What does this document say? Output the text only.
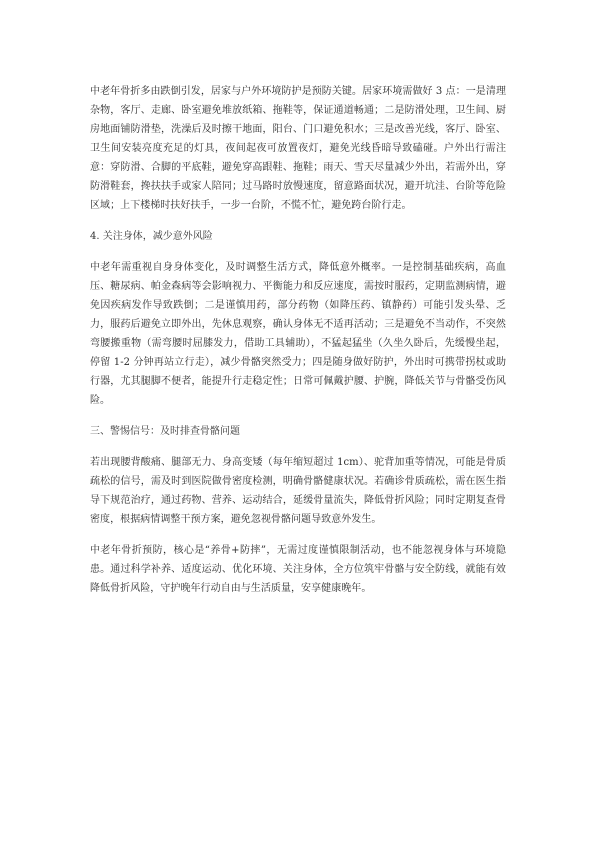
中老年骨折多由跌倒引发，居家与户外环境防护是预防关键。居家环境需做好 3 点：一是清理杂物，客厅、走廊、卧室避免堆放纸箱、拖鞋等，保证通道畅通；二是防滑处理，卫生间、厨房地面铺防滑垫，洗澡后及时擦干地面，阳台、门口避免积水；三是改善光线，客厅、卧室、卫生间安装亮度充足的灯具，夜间起夜可放置夜灯，避免光线昏暗导致磕碰。户外出行需注意：穿防滑、合脚的平底鞋，避免穿高跟鞋、拖鞋；雨天、雪天尽量减少外出，若需外出，穿防滑鞋套，搀扶扶手或家人陪同；过马路时放慢速度，留意路面状况，避开坑洼、台阶等危险区域；上下楼梯时扶好扶手，一步一台阶，不慌不忙，避免跨台阶行走。

4. 关注身体，减少意外风险

中老年需重视自身身体变化，及时调整生活方式，降低意外概率。一是控制基础疾病，高血压、糖尿病、帕金森病等会影响视力、平衡能力和反应速度，需按时服药，定期监测病情，避免因疾病发作导致跌倒；二是谨慎用药，部分药物（如降压药、镇静药）可能引发头晕、乏力，服药后避免立即外出，先休息观察，确认身体无不适再活动；三是避免不当动作，不突然弯腰搬重物（需弯腰时屈膝发力，借助工具辅助），不猛起猛坐（久坐久卧后，先缓慢坐起，停留 1-2 分钟再站立行走），减少骨骼突然受力；四是随身做好防护，外出时可携带拐杖或助行器，尤其腿脚不便者，能提升行走稳定性；日常可佩戴护腰、护腕，降低关节与骨骼受伤风险。

三、警惕信号：及时排查骨骼问题

若出现腰背酸痛、腿部无力、身高变矮（每年缩短超过 1cm）、驼背加重等情况，可能是骨质疏松的信号，需及时到医院做骨密度检测，明确骨骼健康状况。若确诊骨质疏松，需在医生指导下规范治疗，通过药物、营养、运动结合，延缓骨量流失，降低骨折风险；同时定期复查骨密度，根据病情调整干预方案，避免忽视骨骼问题导致意外发生。

中老年骨折预防，核心是“养骨+防摔”，无需过度谨慎限制活动，也不能忽视身体与环境隐患。通过科学补养、适度运动、优化环境、关注身体，全方位筑牢骨骼与安全防线，就能有效降低骨折风险，守护晚年行动自由与生活质量，安享健康晚年。
